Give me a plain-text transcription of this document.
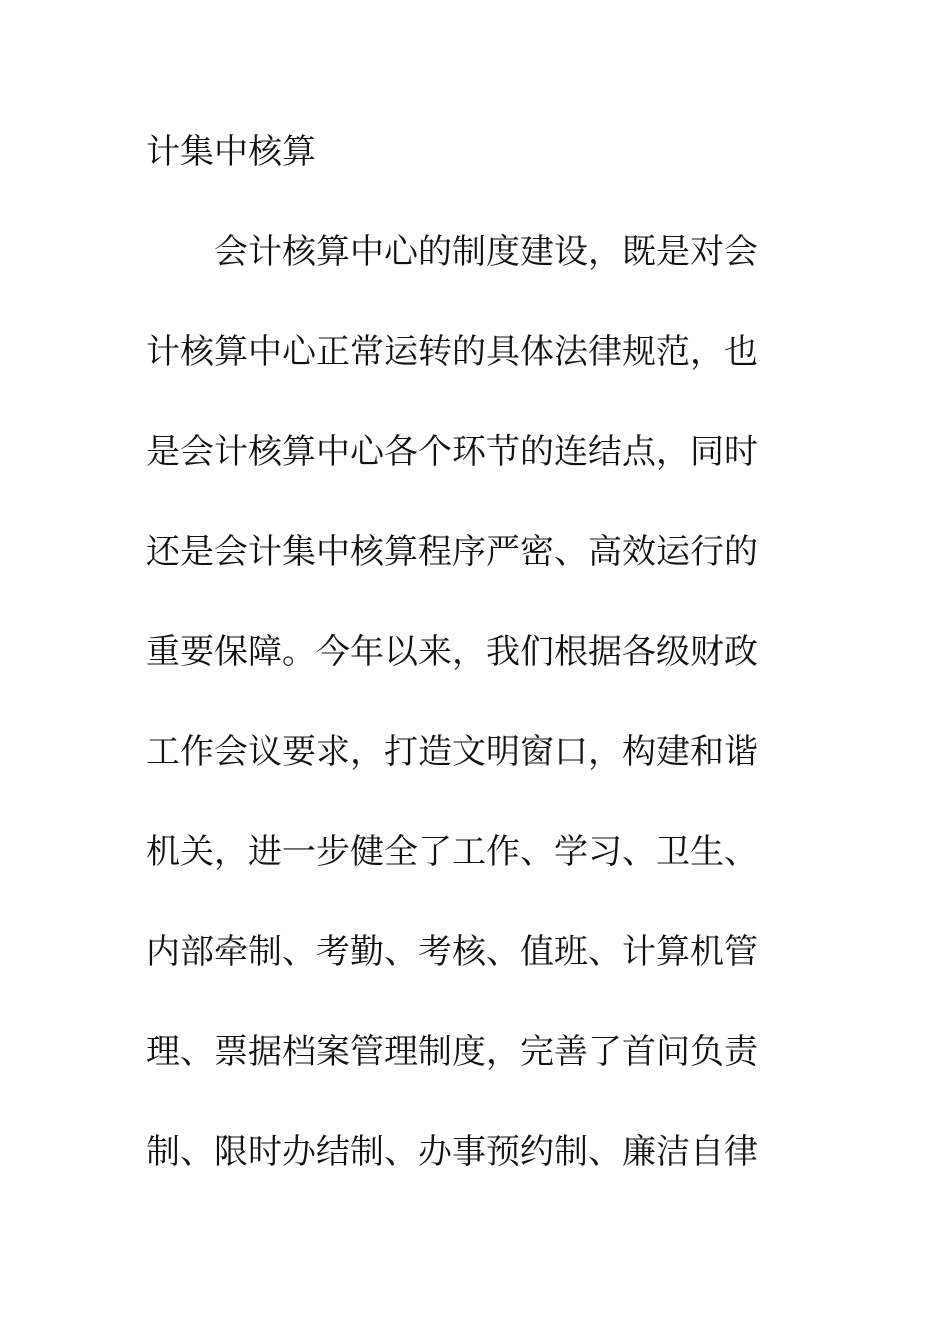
计集中核算
会计核算中心的制度建设，既是对会
计核算中心正常运转的具体法律规范，也
是会计核算中心各个环节的连结点，同时
还是会计集中核算程序严密、高效运行的
重要保障。今年以来，我们根据各级财政
工作会议要求，打造文明窗口，构建和谐
机关，进一步健全了工作、学习、卫生、
内部牵制、考勤、考核、值班、计算机管
理、票据档案管理制度，完善了首问负责
制、限时办结制、办事预约制、廉洁自律
